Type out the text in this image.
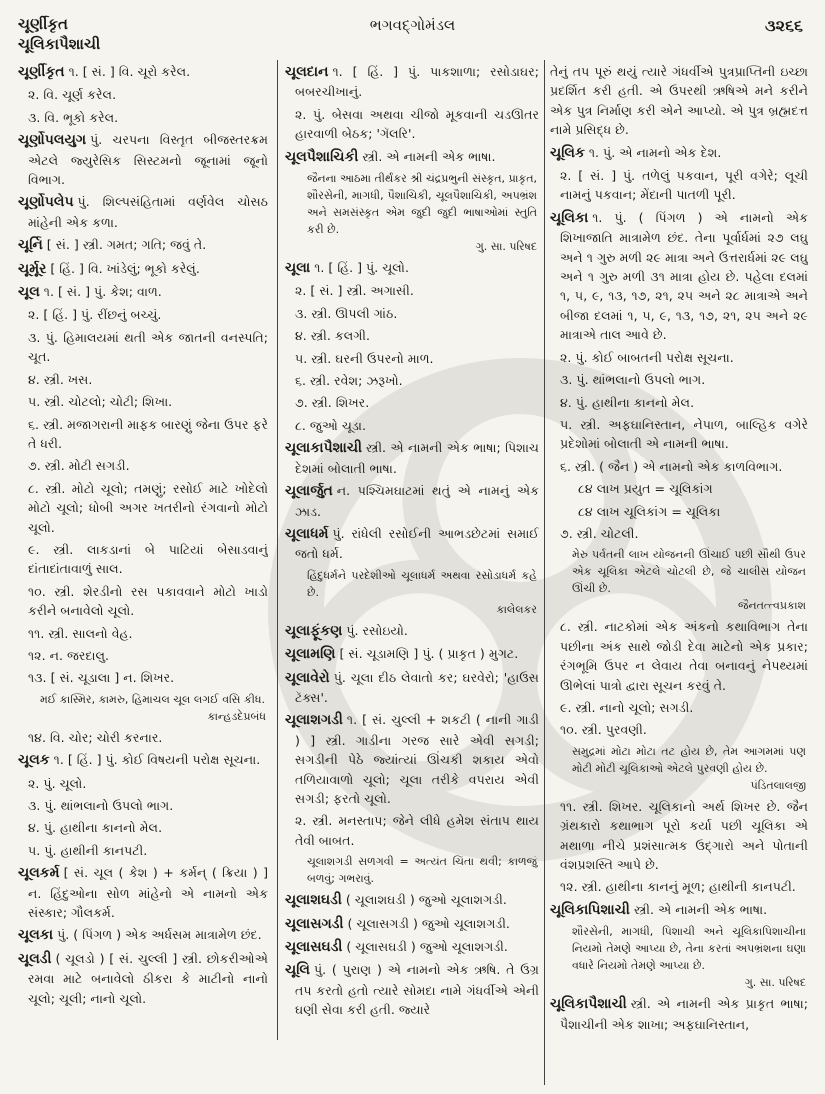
ચૂર્ણીકૃત
ચૂલિકાપૈશાચી
ભગવદ્ગોમંડલ	૩૨૬૬
ચૂર્ણીકૃત ૧. [ સં. ] વિ. ચૂરો કરેલ.
૨. વિ. ચૂર્ણ કરેલ.
૩. વિ. ભૂકો કરેલ.
ચૂર્ણોપલયુગ પું. ચરપના વિસ્તૃત બીજસ્તરક્રમ એટલે જ્યુરેસિક સિસ્ટમનો જૂનામાં જૂનો વિભાગ.
ચૂર્ણોપલેપ પું. શિલ્પસંહિતામાં વર્ણવેલ ચોસઠ માંહેની એક કળા.
ચૂર્નિ [ સં. ] સ્ત્રી. ગમત; ગતિ; જવું તે.
ચૂર્મૂર [ હિં. ] વિ. ખાંડેલું; ભૂકો કરેલું.
ચૂલ ૧. [ સં. ] પું. કેશ; વાળ.
૨. [ હિં. ] પું. રીંછનું બચ્ચું.
૩. પું. હિમાલયમાં થતી એક જાતની વનસ્પતિ; ચૂત.
૪. સ્ત્રી. ખસ.
૫. સ્ત્રી. ચોટલો; ચોટી; શિખા.
૬. સ્ત્રી. મજાગરાની માફક બારણું જેના ઉપર ફરે તે ધરી.
૭. સ્ત્રી. મોટી સગડી.
૮. સ્ત્રી. મોટો ચૂલો; તમણું; રસોઈ માટે ખોદેલો મોટો ચૂલો; ધોબી અગર ખતરીનો રંગવાનો મોટો ચૂલો.
૯. સ્ત્રી. લાકડાનાં બે પાટિયાં બેસાડવાનું દાંતાદાંતાવાળું સાલ.
૧૦. સ્ત્રી. શેરડીનો રસ પકાવવાને મોટો ખાડો કરીને બનાવેલો ચૂલો.
૧૧. સ્ત્રી. સાલનો વેહ.
૧૨. ન. જરદાલુ.
૧૩. [ સં. ચૂડાલા ] ન. શિખર.
મઈ કાસ્મિર, કામરુ, હિમાચલ ચૂલ લગઈ વસિ કીધ.
કાન્હડદેપ્રબંધ
૧૪. વિ. ચોર; ચોરી કરનાર.
ચૂલક ૧. [ હિં. ] પું. કોઈ વિષયની પરોક્ષ સૂચના.
૨. પું. ચૂલો.
૩. પું. થાંભલાનો ઉપલો ભાગ.
૪. પું. હાથીના કાનનો મેલ.
૫. પું. હાથીની કાનપટી.
ચૂલકર્મ [ સં. ચૂલ ( કેશ ) + કર્મન્ ( ક્રિયા ) ] ન. હિંદુઓના સોળ માંહેનો એ નામનો એક સંસ્કાર; ગૌલકર્મ.
ચૂલકા પું. ( પિંગળ ) એક અર્ધસમ માત્રામેળ છંદ.
ચૂલડી ( ચૂલડો ) [ સં. ચુલ્લી ] સ્ત્રી. છોકરીઓએ રમવા માટે બનાવેલો ઠીકરા કે માટીનો નાનો ચૂલો; ચૂલી; નાનો ચૂલો.
ચૂલદાન ૧. [ હિં. ] પું. પાકશાળા; રસોડાઘર; બબરચીખાનું.
૨. પું. બેસવા અથવા ચીજો મૂકવાની ચડઊતર હારવાળી બેઠક; 'ગૅલરિ'.
ચૂલપૈશાચિકી સ્ત્રી. એ નામની એક ભાષા.
જૈનના આઠમા તીર્થંકર શ્રી ચંદ્રપ્રભુની સંસ્કૃત, પ્રાકૃત, શૌરસેની, માગધી, પૈશાચિકી, ચૂલપૈશાચિકી, અપભ્રંશ અને સમસંસ્કૃત એમ જુદી જુદી ભાષાઓમાં સ્તુતિ કરી છે.
ગુ. સા. પરિષદ
ચૂલા ૧. [ હિં. ] પું. ચૂલો.
૨. [ સં. ] સ્ત્રી. અગાસી.
૩. સ્ત્રી. ઊપલી ગાંઠ.
૪. સ્ત્રી. કલગી.
૫. સ્ત્રી. ઘરની ઉપરનો માળ.
૬. સ્ત્રી. રવેશ; ઝરૂખો.
૭. સ્ત્રી. શિખર.
૮. જુઓ ચૂડા.
ચૂલાકાપૈશાચી સ્ત્રી. એ નામની એક ભાષા; પિશાચ દેશમાં બોલાતી ભાષા.
ચૂલાર્જુત ન. પશ્ચિમઘાટમાં થતું એ નામનું એક ઝાડ.
ચૂલાધર્મ પું. રાંધેલી રસોઈની આભડછેટમાં સમાઈ જતો ધર્મ.
હિંદુધર્મને પરદેશીઓ ચૂલાધર્મ અથવા રસોડાધર્મ કહે છે.
કાલેલકર
ચૂલાફૂંકણ પું. રસોઇયો.
ચૂલામણિ [ સં. ચૂડામણિ ] પું. ( પ્રાકૃત ) મુગટ.
ચૂલાવેરો પું. ચૂલા દીઠ લેવાતો કર; ઘરવેરો; 'હાઉસ ટૅક્સ'.
ચૂલાશગડી ૧. [ સં. ચુલ્લી + શકટી ( નાની ગાડી ) ] સ્ત્રી. ગાડીના ગરજ સારે એવી સગડી; સગડીની પેઠે જ્યાંત્યાં ઊંચકી શકાય એવો તળિયાવાળો ચૂલો; ચૂલા તરીકે વપરાય એવી સગડી; ફરતો ચૂલો.
૨. સ્ત્રી. મનસ્તાપ; જેને લીધે હમેશ સંતાપ થાય તેવી બાબત.
ચૂલાશગડી સળગવી = અત્યંત ચિંતા થવી; કાળજું બળવું; ગભરાવું.
ચૂલાશઘડી ( ચૂલાશઘડી ) જુઓ ચૂલાશગડી.
ચૂલાસગડી ( ચૂલાસગડી ) જુઓ ચૂલાશગડી.
ચૂલાસઘડી ( ચૂલાસઘડી ) જુઓ ચૂલાશગડી.
ચૂલિ પું. ( પુરાણ ) એ નામનો એક ઋષિ. તે ઉગ્ર તપ કરતો હતો ત્યારે સોમદા નામે ગંધર્વીએ એની ઘણી સેવા કરી હતી. જ્યારે
તેનું તપ પૂરું થયું ત્યારે ગંધર્વીએ પુત્રપ્રાપ્તિની ઇચ્છા પ્રદર્શિત કરી હતી. એ ઉપરથી ઋષિએ મને કરીને એક પુત્ર નિર્માણ કરી એને આપ્યો. એ પુત્ર બ્રહ્મદત્ત નામે પ્રસિદ્ધ છે.
ચૂલિક ૧. પું. એ નામનો એક દેશ.
૨. [ સં. ] પું. તળેલું પકવાન, પૂરી વગેરે; લૂચી નામનું પકવાન; મેંદાની પાતળી પૂરી.
ચૂલિકા ૧. પું. ( પિંગળ ) એ નામનો એક શિખાજાતિ માત્રામેળ છંદ. તેના પૂર્વાર્ધમાં ૨૭ લઘુ અને ૧ ગુરુ મળી ૨૯ માત્રા અને ઉત્તરાર્ધમાં ૨૯ લઘુ અને ૧ ગુરુ મળી ૩૧ માત્રા હોય છે. પહેલા દલમાં ૧, ૫, ૯, ૧૩, ૧૭, ૨૧, ૨૫ અને ૨૮ માત્રાએ અને બીજા દલમાં ૧, ૫, ૯, ૧૩, ૧૭, ૨૧, ૨૫ અને ૨૯ માત્રાએ તાલ આવે છે.
૨. પું. કોઈ બાબતની પરોક્ષ સૂચના.
૩. પું. થાંભલાનો ઉપલો ભાગ.
૪. પું. હાથીના કાનનો મેલ.
૫. સ્ત્રી. અફઘાનિસ્તાન, નેપાળ, બાલ્હિક વગેરે પ્રદેશોમાં બોલાતી એ નામની ભાષા.
૬. સ્ત્રી. ( જૈન ) એ નામનો એક કાળવિભાગ.
૮૪ લાખ પ્રયુત = ચૂલિકાંગ
૮૪ લાખ ચૂલિકાંગ = ચૂલિકા
૭. સ્ત્રી. ચોટલી.
મેરુ પર્વતની લાખ યોજનની ઊંચાઈ પછી સૌથી ઉપર એક ચૂલિકા એટલે ચોટલી છે, જે ચાલીસ યોજન ઊંચી છે.
જૈનતત્ત્વપ્રકાશ
૮. સ્ત્રી. નાટકોમાં એક અંકનો કથાવિભાગ તેના પછીના અંક સાથે જોડી દેવા માટેનો એક પ્રકાર; રંગભૂમિ ઉપર ન લેવાય તેવા બનાવનું નેપથ્યમાં ઊભેલાં પાત્રો દ્વારા સૂચન કરવું તે.
૯. સ્ત્રી. નાનો ચૂલો; સગડી.
૧૦. સ્ત્રી. પુરવણી.
સમુદ્રમાં મોટા મોટા તટ હોય છે, તેમ આગમમાં પણ મોટી મોટી ચૂલિકાઓ એટલે પુરવણી હોય છે.
પંડિતલાલજી
૧૧. સ્ત્રી. શિખર. ચૂલિકાનો અર્થ શિખર છે. જૈન ગ્રંથકારો કથાભાગ પૂરો કર્યા પછી ચૂલિકા એ મથાળા નીચે પ્રશંસાત્મક ઉદ્ગારો અને પોતાની વંશપ્રશસ્તિ આપે છે.
૧૨. સ્ત્રી. હાથીના કાનનું મૂળ; હાથીની કાનપટી.
ચૂલિકાપિશાચી સ્ત્રી. એ નામની એક ભાષા.
શૌરસેની, માગધી, પિશાચી અને ચૂલિકાપિશાચીના નિયમો તેમણે આપ્યા છે, તેના કરતાં અપભ્રંશના ઘણા વધારે નિયમો તેમણે આપ્યા છે.
ગુ. સા. પરિષદ
ચૂલિકાપૈશાચી સ્ત્રી. એ નામની એક પ્રાકૃત ભાષા; પૈશાચીની એક શાખા; અફઘાનિસ્તાન,
